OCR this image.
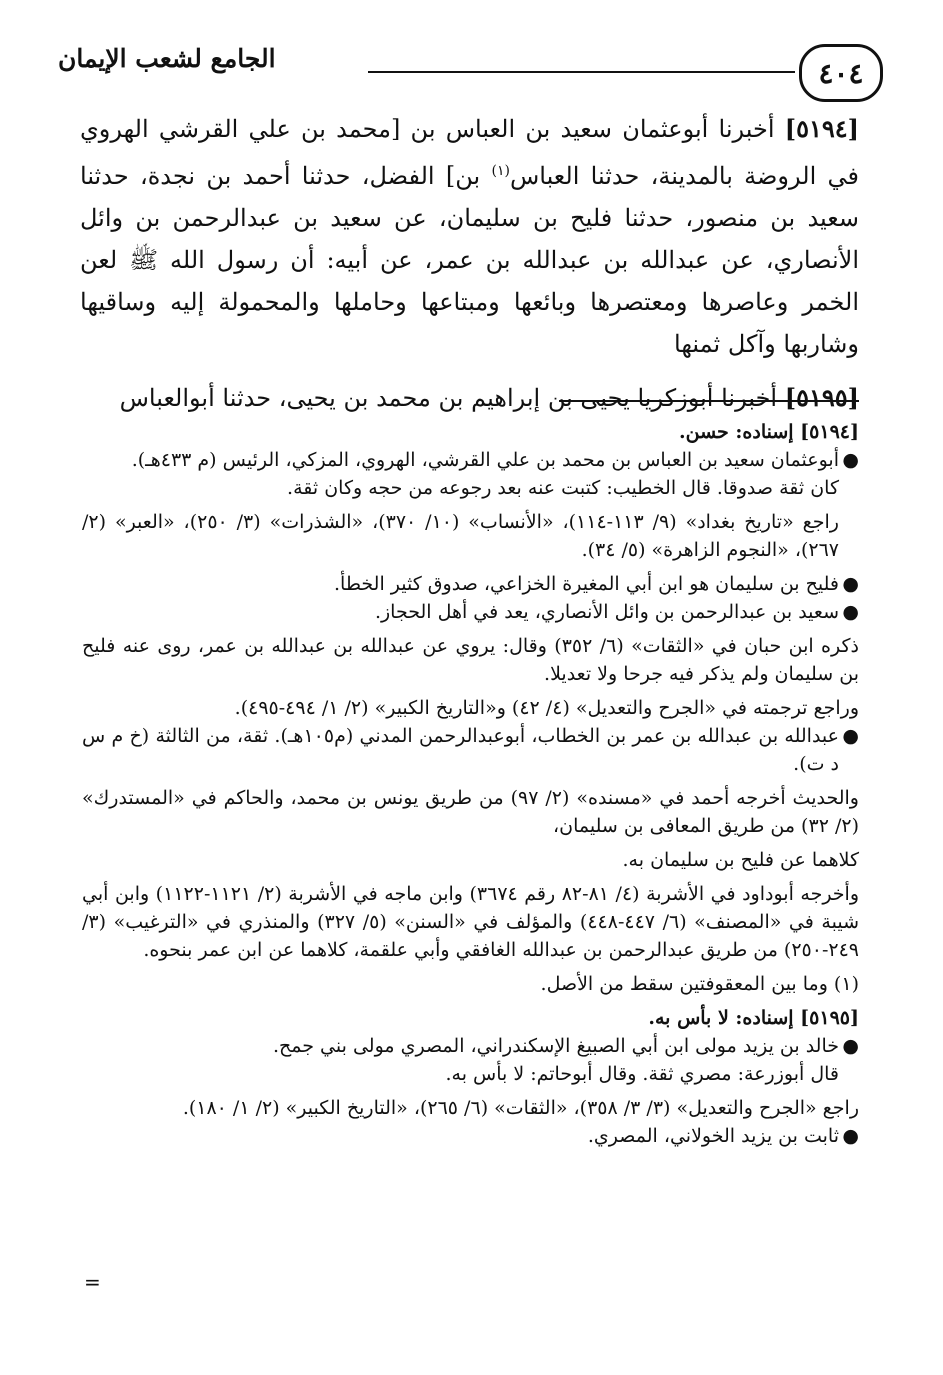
٤٠٤
الجامع لشعب الإيمان

[٥١٩٤] أخبرنا أبوعثمان سعيد بن العباس بن [محمد بن علي القرشي الهروي في الروضة بالمدينة، حدثنا العباس$^{(١)}$ بن] الفضل، حدثنا أحمد بن نجدة، حدثنا سعيد بن منصور، حدثنا فليح بن سليمان، عن سعيد بن عبدالرحمن بن وائل الأنصاري، عن عبدالله بن عبدالله بن عمر، عن أبيه: أن رسول الله ﷺ لعن الخمر وعاصرها ومعتصرها وبائعها ومبتاعها وحاملها والمحمولة إليه وساقيها وشاربها وآكل ثمنها

[٥١٩٥] أخبرنا أبوزكريا يحيى بن إبراهيم بن محمد بن يحيى، حدثنا أبوالعباس

[٥١٩٤] إسناده: حسن.

●

أبوعثمان سعيد بن العباس بن محمد بن علي القرشي، الهروي، المزكي، الرئيس (م ٤٣٣هـ).

كان ثقة صدوقا. قال الخطيب: كتبت عنه بعد رجوعه من حجه وكان ثقة.

راجع «تاريخ بغداد» (٩/ ١١٣-١١٤)، «الأنساب» (١٠/ ٣٧٠)، «الشذرات» (٣/ ٢٥٠)، «العبر» (٢/ ٢٦٧)، «النجوم الزاهرة» (٥/ ٣٤).

●

فليح بن سليمان هو ابن أبي المغيرة الخزاعي، صدوق كثير الخطأ.

●

سعيد بن عبدالرحمن بن وائل الأنصاري، يعد في أهل الحجاز.

ذكره ابن حبان في «الثقات» (٦/ ٣٥٢) وقال: يروي عن عبدالله بن عبدالله بن عمر، روى عنه فليح بن سليمان ولم يذكر فيه جرحا ولا تعديلا.

وراجع ترجمته في «الجرح والتعديل» (٤/ ٤٢) و«التاريخ الكبير» (٢/ ١/ ٤٩٤-٤٩٥).

●

عبدالله بن عبدالله بن عمر بن الخطاب، أبوعبدالرحمن المدني (م١٠٥هـ). ثقة، من الثالثة (خ م س د ت).

والحديث أخرجه أحمد في «مسنده» (٢/ ٩٧) من طريق يونس بن محمد، والحاكم في «المستدرك» (٢/ ٣٢) من طريق المعافى بن سليمان،

كلاهما عن فليح بن سليمان به.

وأخرجه أبوداود في الأشربة (٤/ ٨١-٨٢ رقم ٣٦٧٤) وابن ماجه في الأشربة (٢/ ١١٢١-١١٢٢) وابن أبي شيبة في «المصنف» (٦/ ٤٤٧-٤٤٨) والمؤلف في «السنن» (٥/ ٣٢٧) والمنذري في «الترغيب» (٣/ ٢٤٩-٢٥٠) من طريق عبدالرحمن بن عبدالله الغافقي وأبي علقمة، كلاهما عن ابن عمر بنحوه.

(١) وما بين المعقوفتين سقط من الأصل.

[٥١٩٥] إسناده: لا بأس به.

●

خالد بن يزيد مولى ابن أبي الصبيغ الإسكندراني، المصري مولى بني جمح.

قال أبوزرعة: مصري ثقة. وقال أبوحاتم: لا بأس به.

راجع «الجرح والتعديل» (٣/ ٣/ ٣٥٨)، «الثقات» (٦/ ٢٦٥)، «التاريخ الكبير» (٢/ ١/ ١٨٠).

●

ثابت بن يزيد الخولاني، المصري.

=
